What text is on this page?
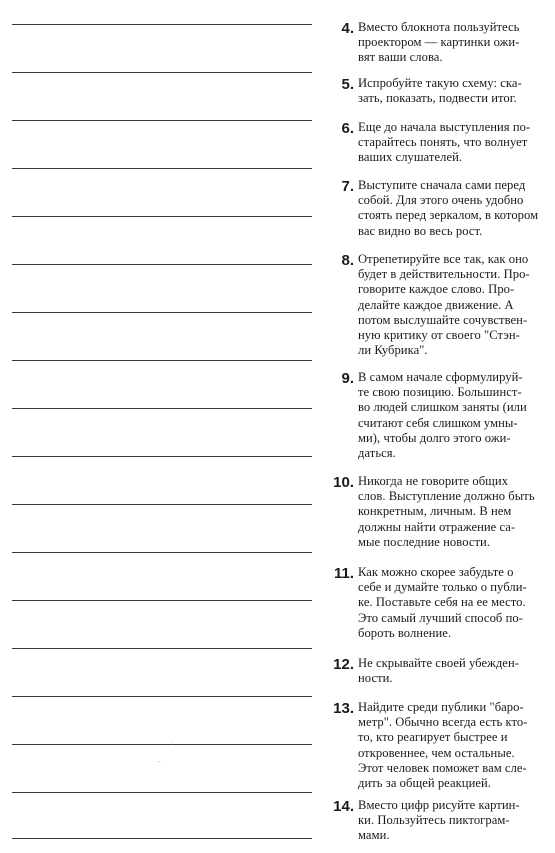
4. Вместо блокнота пользуйтесь
проектором — картинки ожи-
вят ваши слова.
5. Испробуйте такую схему: ска-
зать, показать, подвести итог.
6. Еще до начала выступления по-
старайтесь понять, что волнует
ваших слушателей.
7. Выступите сначала сами перед
собой. Для этого очень удобно
стоять перед зеркалом, в котором
вас видно во весь рост.
8. Отрепетируйте все так, как оно
будет в действительности. Про-
говорите каждое слово. Про-
делайте каждое движение. А
потом выслушайте сочувствен-
ную критику от своего "Стэн-
ли Кубрика".
9. В самом начале сформулируй-
те свою позицию. Большинст-
во людей слишком заняты (или
считают себя слишком умны-
ми), чтобы долго этого ожи-
даться.
10. Никогда не говорите общих
слов. Выступление должно быть
конкретным, личным. В нем
должны найти отражение са-
мые последние новости.
11. Как можно скорее забудьте о
себе и думайте только о публи-
ке. Поставьте себя на ее место.
Это самый лучший способ по-
бороть волнение.
12. Не скрывайте своей убежден-
ности.
13. Найдите среди публики "баро-
метр". Обычно всегда есть кто-
то, кто реагирует быстрее и
откровеннее, чем остальные.
Этот человек поможет вам сле-
дить за общей реакцией.
14. Вместо цифр рисуйте картин-
ки. Пользуйтесь пиктограм-
мами.
·
-
